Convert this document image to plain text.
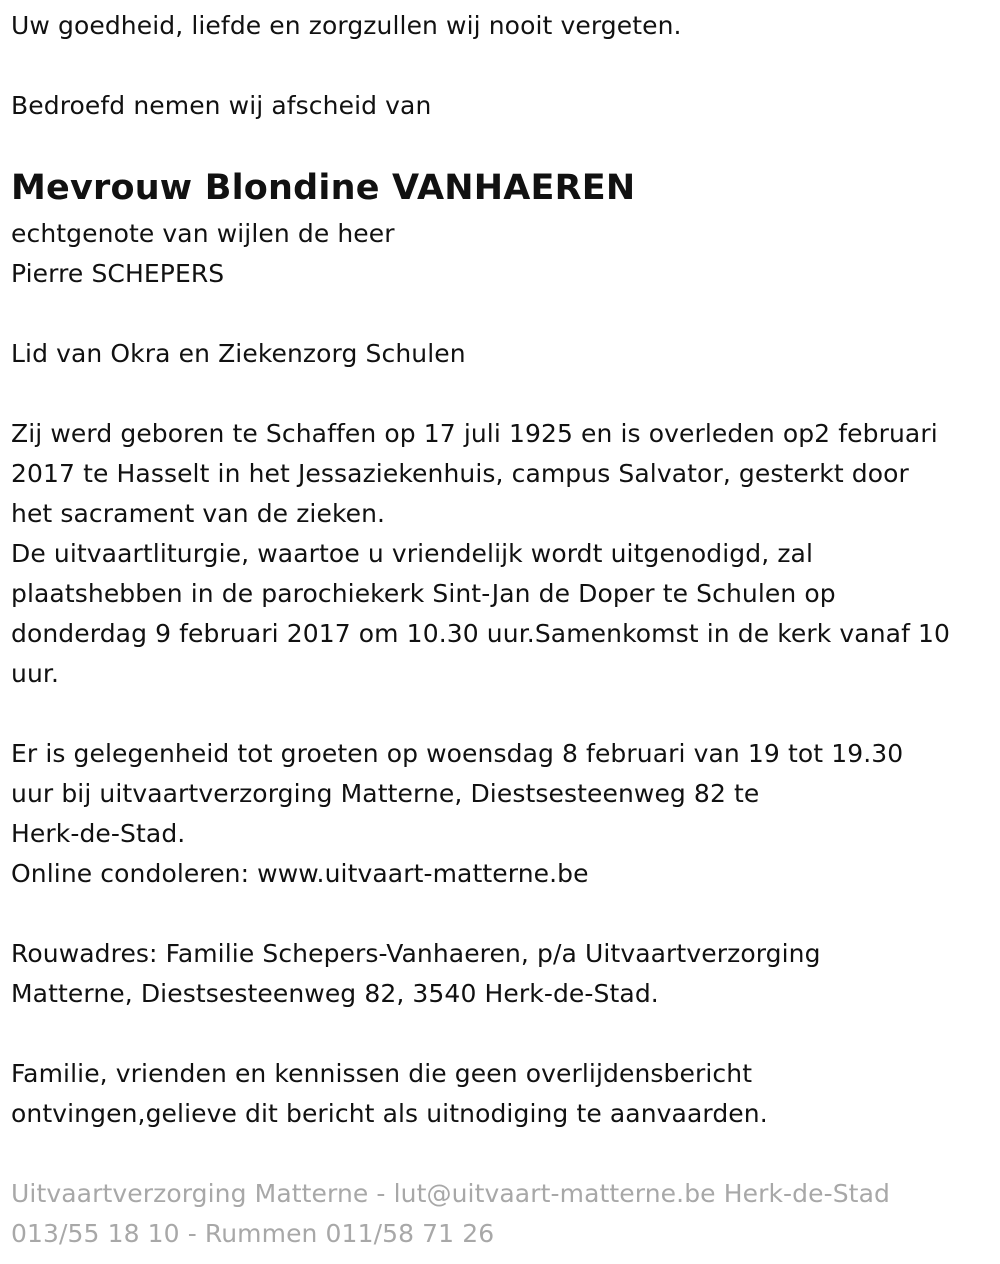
Uw goedheid, liefde en zorgzullen wij nooit vergeten.
Bedroefd nemen wij afscheid van
Mevrouw Blondine VANHAEREN
echtgenote van wijlen de heer
Pierre SCHEPERS
Lid van Okra en Ziekenzorg Schulen
Zij werd geboren te Schaffen op 17 juli 1925 en is overleden op2 februari
2017 te Hasselt in het Jessaziekenhuis, campus Salvator, gesterkt door
het sacrament van de zieken.
De uitvaartliturgie, waartoe u vriendelijk wordt uitgenodigd, zal
plaatshebben in de parochiekerk Sint-Jan de Doper te Schulen op
donderdag 9 februari 2017 om 10.30 uur.Samenkomst in de kerk vanaf 10
uur.
Er is gelegenheid tot groeten op woensdag 8 februari van 19 tot 19.30
uur bij uitvaartverzorging Matterne, Diestsesteenweg 82 te
Herk-de-Stad.
Online condoleren: www.uitvaart-matterne.be
Rouwadres: Familie Schepers-Vanhaeren, p/a Uitvaartverzorging
Matterne, Diestsesteenweg 82, 3540 Herk-de-Stad.
Familie, vrienden en kennissen die geen overlijdensbericht
ontvingen,gelieve dit bericht als uitnodiging te aanvaarden.
Uitvaartverzorging Matterne - lut@uitvaart-matterne.be Herk-de-Stad
013/55 18 10 - Rummen 011/58 71 26
